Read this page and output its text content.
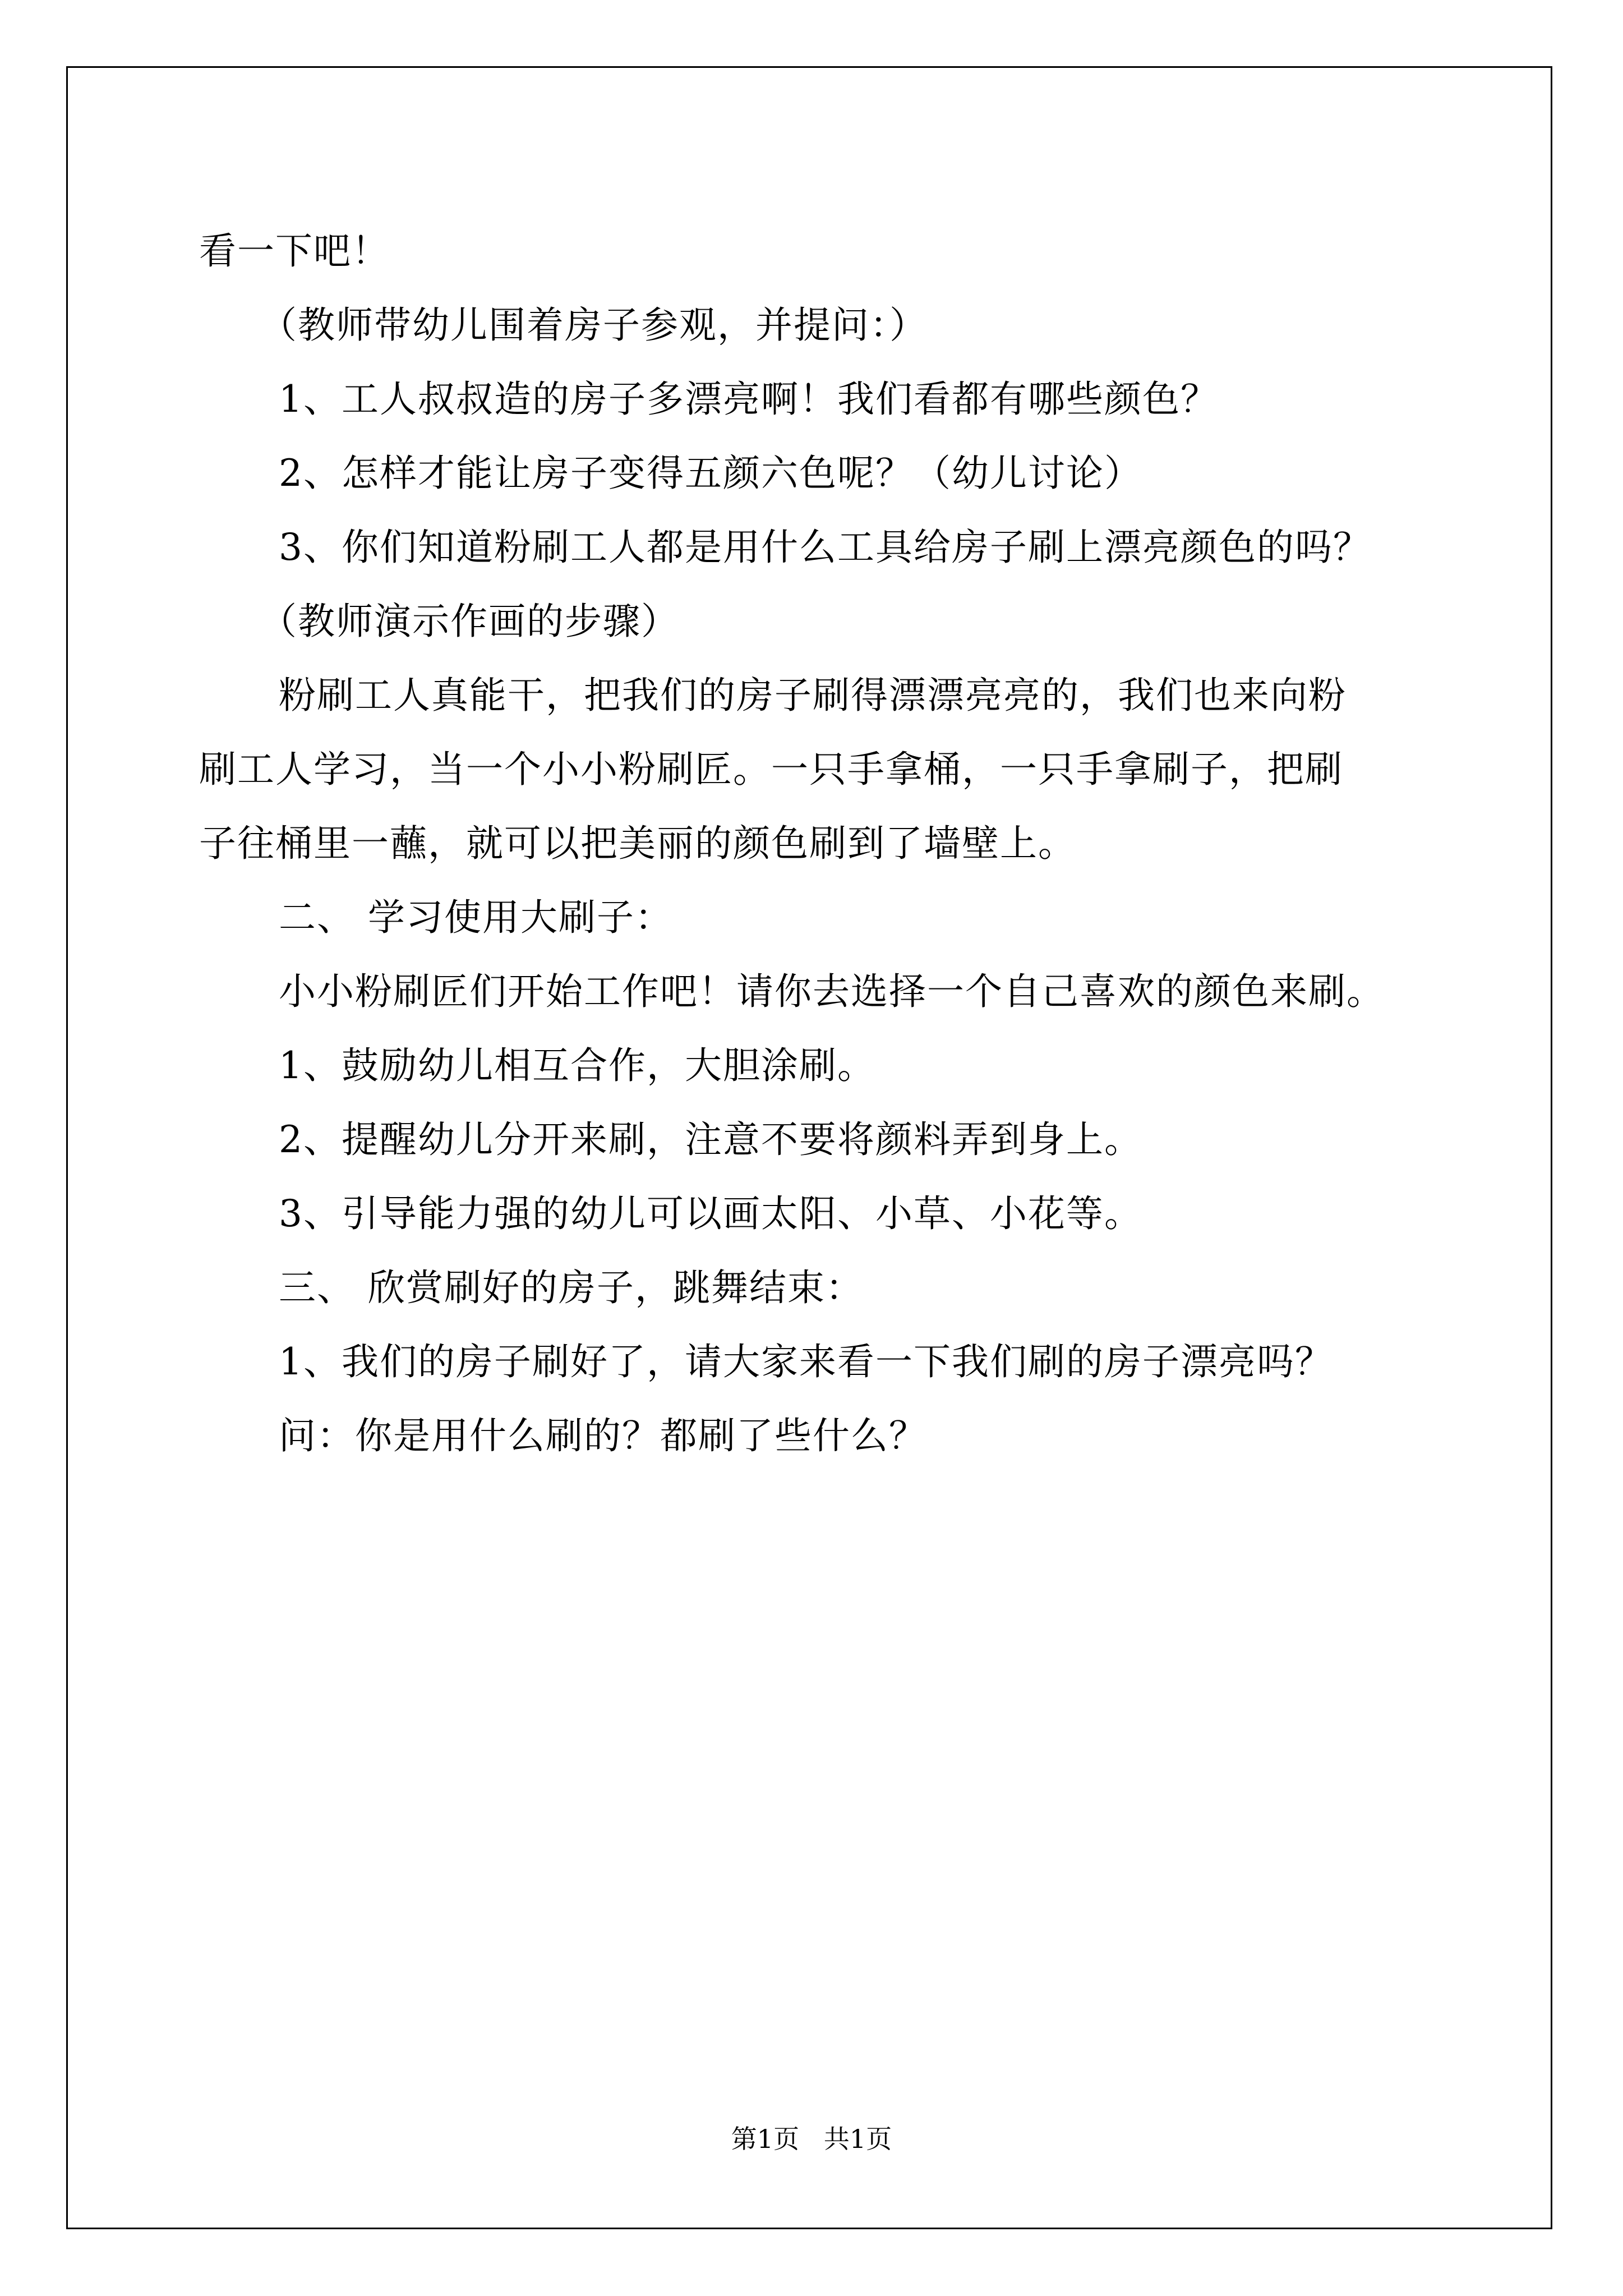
看一下吧！
（教师带幼儿围着房子参观，并提问：）
1、工人叔叔造的房子多漂亮啊！我们看都有哪些颜色？
2、怎样才能让房子变得五颜六色呢？（幼儿讨论）
3、你们知道粉刷工人都是用什么工具给房子刷上漂亮颜色的吗？
（教师演示作画的步骤）
粉刷工人真能干，把我们的房子刷得漂漂亮亮的，我们也来向粉
刷工人学习，当一个小小粉刷匠。一只手拿桶，一只手拿刷子，把刷
子往桶里一蘸，就可以把美丽的颜色刷到了墙壁上。
二、 学习使用大刷子：
小小粉刷匠们开始工作吧！请你去选择一个自己喜欢的颜色来刷。
1、鼓励幼儿相互合作，大胆涂刷。
2、提醒幼儿分开来刷，注意不要将颜料弄到身上。
3、引导能力强的幼儿可以画太阳、小草、小花等。
三、 欣赏刷好的房子，跳舞结束：
1、我们的房子刷好了，请大家来看一下我们刷的房子漂亮吗？
问：你是用什么刷的？都刷了些什么？
第1页   共1页
